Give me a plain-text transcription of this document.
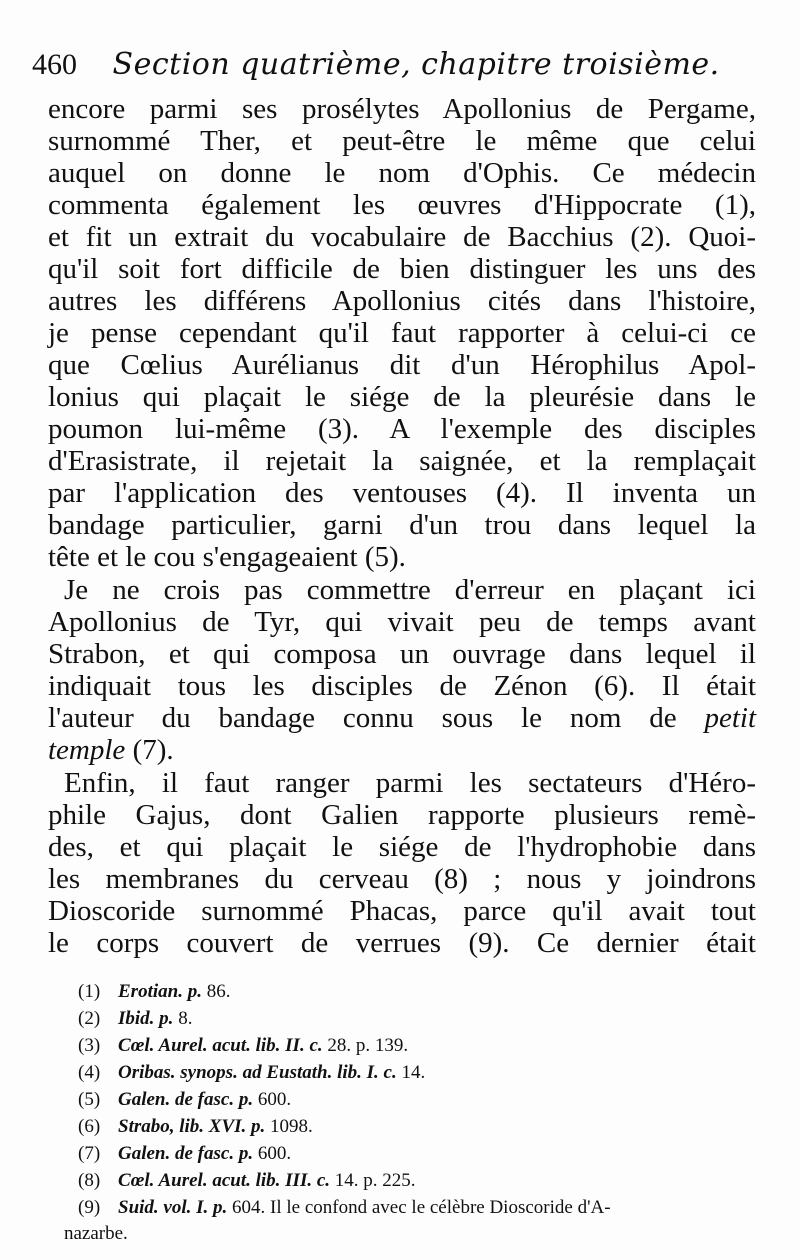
460 Section quatrième, chapitre troisième.
encore parmi ses prosélytes Apollonius de Pergame,
surnommé Ther, et peut-être le même que celui
auquel on donne le nom d'Ophis. Ce médecin
commenta également les œuvres d'Hippocrate (1),
et fit un extrait du vocabulaire de Bacchius (2). Quoi-
qu'il soit fort difficile de bien distinguer les uns des
autres les différens Apollonius cités dans l'histoire,
je pense cependant qu'il faut rapporter à celui-ci ce
que Cœlius Aurélianus dit d'un Hérophilus Apol-
lonius qui plaçait le siége de la pleurésie dans le
poumon lui-même (3). A l'exemple des disciples
d'Erasistrate, il rejetait la saignée, et la remplaçait
par l'application des ventouses (4). Il inventa un
bandage particulier, garni d'un trou dans lequel la
tête et le cou s'engageaient (5).
Je ne crois pas commettre d'erreur en plaçant ici
Apollonius de Tyr, qui vivait peu de temps avant
Strabon, et qui composa un ouvrage dans lequel il
indiquait tous les disciples de Zénon (6). Il était
l'auteur du bandage connu sous le nom de petit
temple (7).
Enfin, il faut ranger parmi les sectateurs d'Héro-
phile Gajus, dont Galien rapporte plusieurs remè-
des, et qui plaçait le siége de l'hydrophobie dans
les membranes du cerveau (8) ; nous y joindrons
Dioscoride surnommé Phacas, parce qu'il avait tout
le corps couvert de verrues (9). Ce dernier était
(1) Erotian. p. 86.
(2) Ibid. p. 8.
(3) Cœl. Aurel. acut. lib. II. c. 28. p. 139.
(4) Oribas. synops. ad Eustath. lib. I. c. 14.
(5) Galen. de fasc. p. 600.
(6) Strabo, lib. XVI. p. 1098.
(7) Galen. de fasc. p. 600.
(8) Cœl. Aurel. acut. lib. III. c. 14. p. 225.
(9) Suid. vol. I. p. 604. Il le confond avec le célèbre Dioscoride d'A-
nazarbe.
